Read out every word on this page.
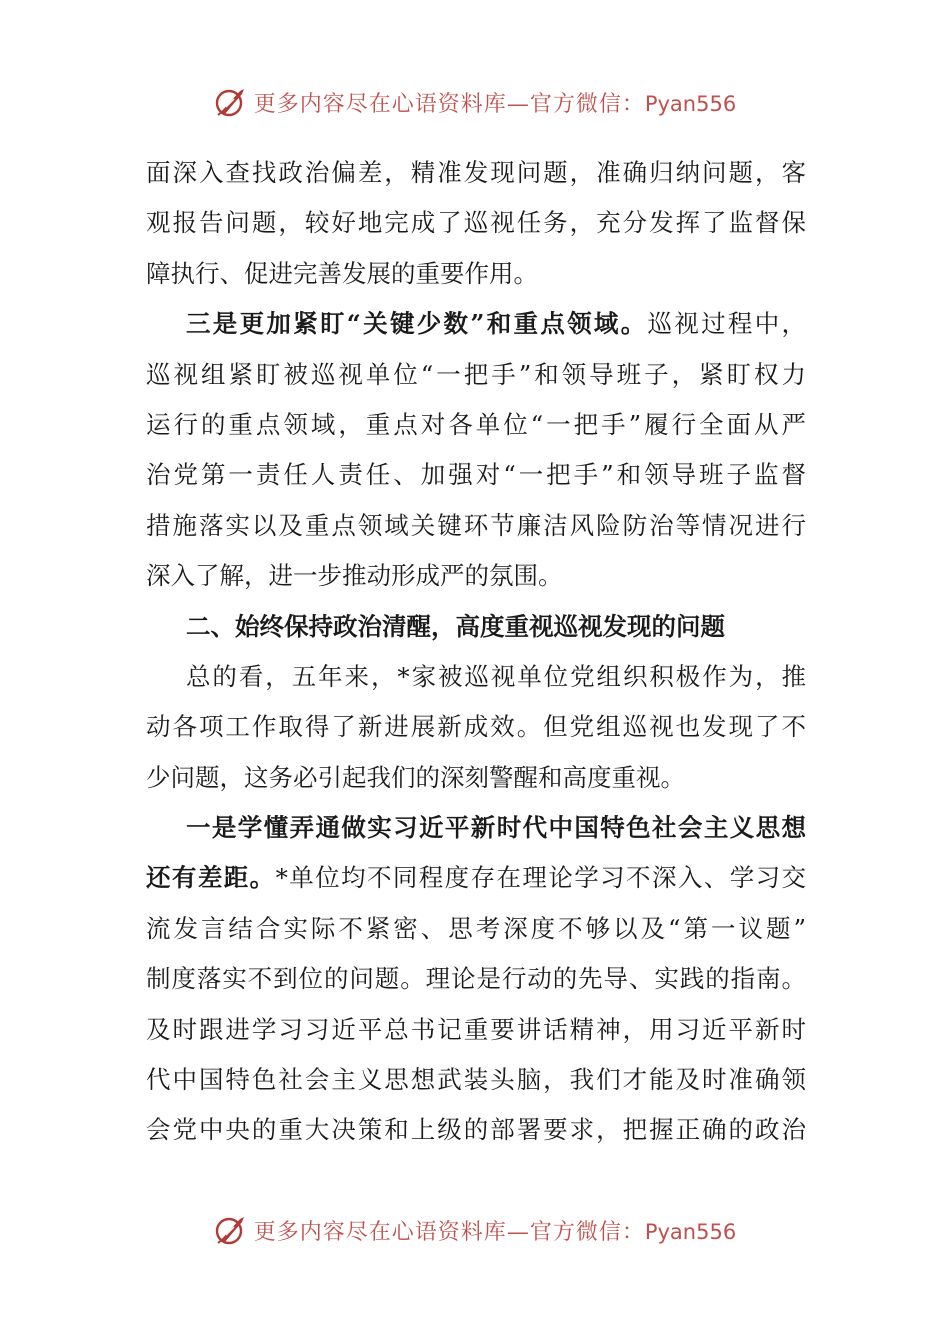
更多内容尽在心语资料库—官方微信：Pyan556
面深入查找政治偏差，精准发现问题，准确归纳问题，客
观报告问题，较好地完成了巡视任务，充分发挥了监督保
障执行、促进完善发展的重要作用。
三是更加紧盯“关键少数”和重点领域。巡视过程中，
巡视组紧盯被巡视单位“一把手”和领导班子，紧盯权力
运行的重点领域，重点对各单位“一把手”履行全面从严
治党第一责任人责任、加强对“一把手”和领导班子监督
措施落实以及重点领域关键环节廉洁风险防治等情况进行
深入了解，进一步推动形成严的氛围。
二、始终保持政治清醒，高度重视巡视发现的问题
总的看，五年来，*家被巡视单位党组织积极作为，推
动各项工作取得了新进展新成效。但党组巡视也发现了不
少问题，这务必引起我们的深刻警醒和高度重视。
一是学懂弄通做实习近平新时代中国特色社会主义思想
还有差距。*单位均不同程度存在理论学习不深入、学习交
流发言结合实际不紧密、思考深度不够以及“第一议题”
制度落实不到位的问题。理论是行动的先导、实践的指南。
及时跟进学习习近平总书记重要讲话精神，用习近平新时
代中国特色社会主义思想武装头脑，我们才能及时准确领
会党中央的重大决策和上级的部署要求，把握正确的政治
更多内容尽在心语资料库—官方微信：Pyan556
